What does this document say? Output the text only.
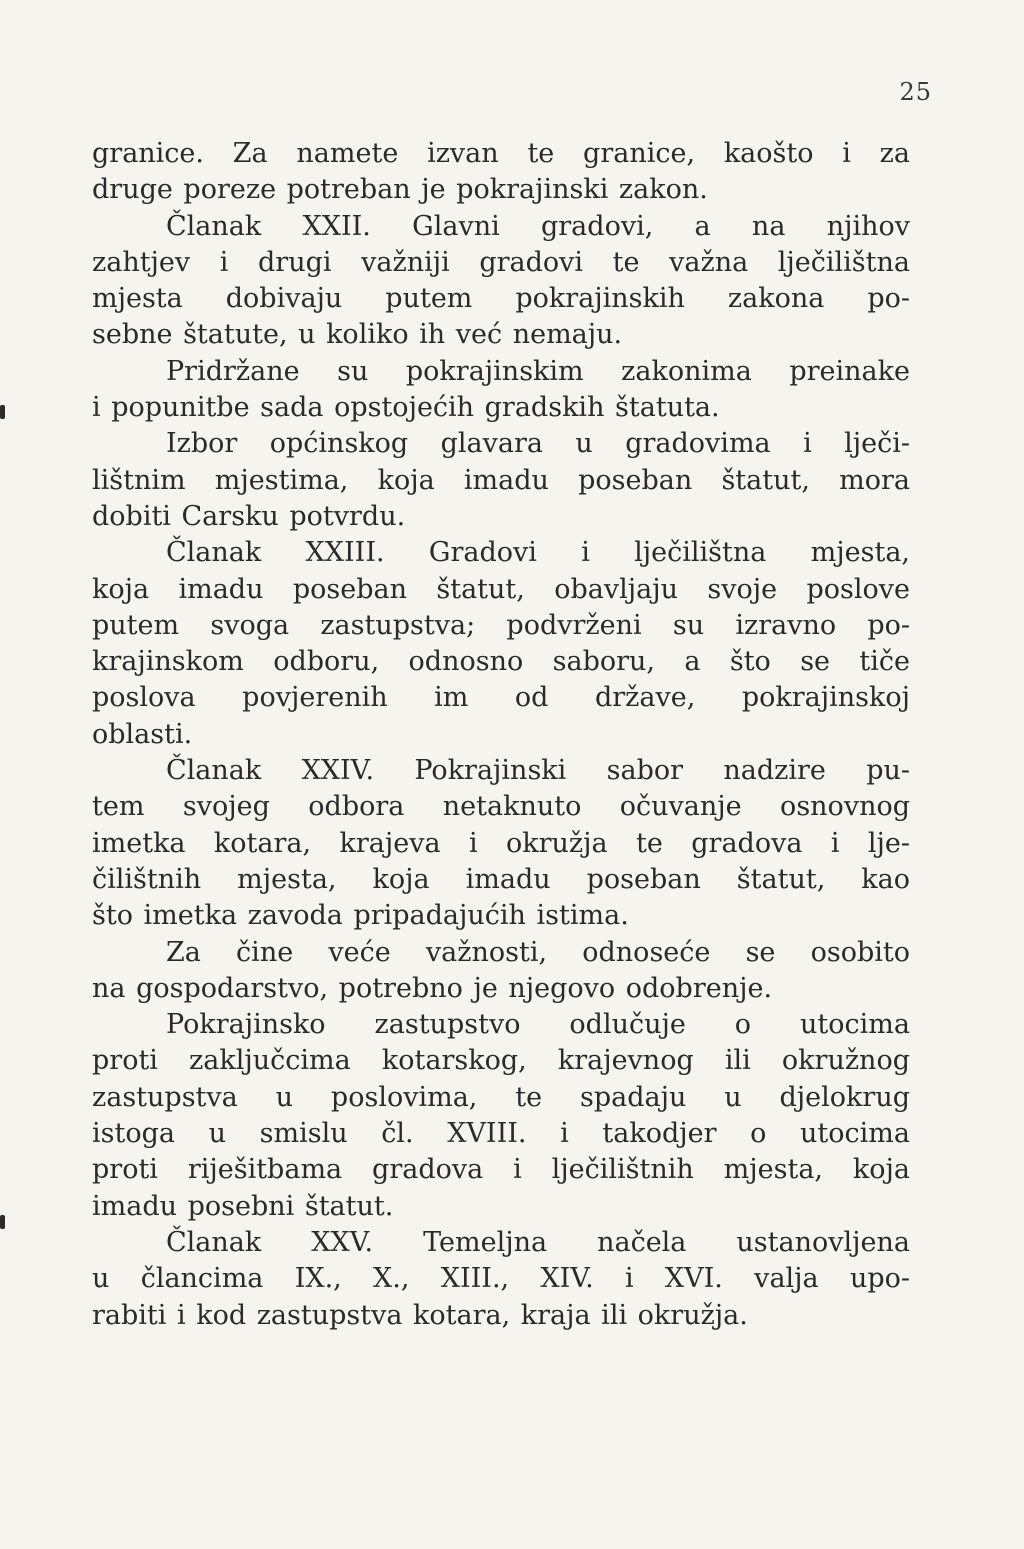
25
granice. Za namete izvan te granice, kaošto i za
druge poreze potreban je pokrajinski zakon.
Članak XXII. Glavni gradovi, a na njihov
zahtjev i drugi važniji gradovi te važna lječilištna
mjesta dobivaju putem pokrajinskih zakona po-
sebne štatute, u koliko ih već nemaju.
Pridržane su pokrajinskim zakonima preinake
i popunitbe sada opstojećih gradskih štatuta.
Izbor općinskog glavara u gradovima i lječi-
lištnim mjestima, koja imadu poseban štatut, mora
dobiti Carsku potvrdu.
Članak XXIII. Gradovi i lječilištna mjesta,
koja imadu poseban štatut, obavljaju svoje poslove
putem svoga zastupstva; podvrženi su izravno po-
krajinskom odboru, odnosno saboru, a što se tiče
poslova povjerenih im od države, pokrajinskoj
oblasti.
Članak XXIV. Pokrajinski sabor nadzire pu-
tem svojeg odbora netaknuto očuvanje osnovnog
imetka kotara, krajeva i okružja te gradova i lje-
čilištnih mjesta, koja imadu poseban štatut, kao
što imetka zavoda pripadajućih istima.
Za čine veće važnosti, odnoseće se osobito
na gospodarstvo, potrebno je njegovo odobrenje.
Pokrajinsko zastupstvo odlučuje o utocima
proti zaključcima kotarskog, krajevnog ili okružnog
zastupstva u poslovima, te spadaju u djelokrug
istoga u smislu čl. XVIII. i takodjer o utocima
proti riješitbama gradova i lječilištnih mjesta, koja
imadu posebni štatut.
Članak XXV. Temeljna načela ustanovljena
u člancima IX., X., XIII., XIV. i XVI. valja upo-
rabiti i kod zastupstva kotara, kraja ili okružja.
